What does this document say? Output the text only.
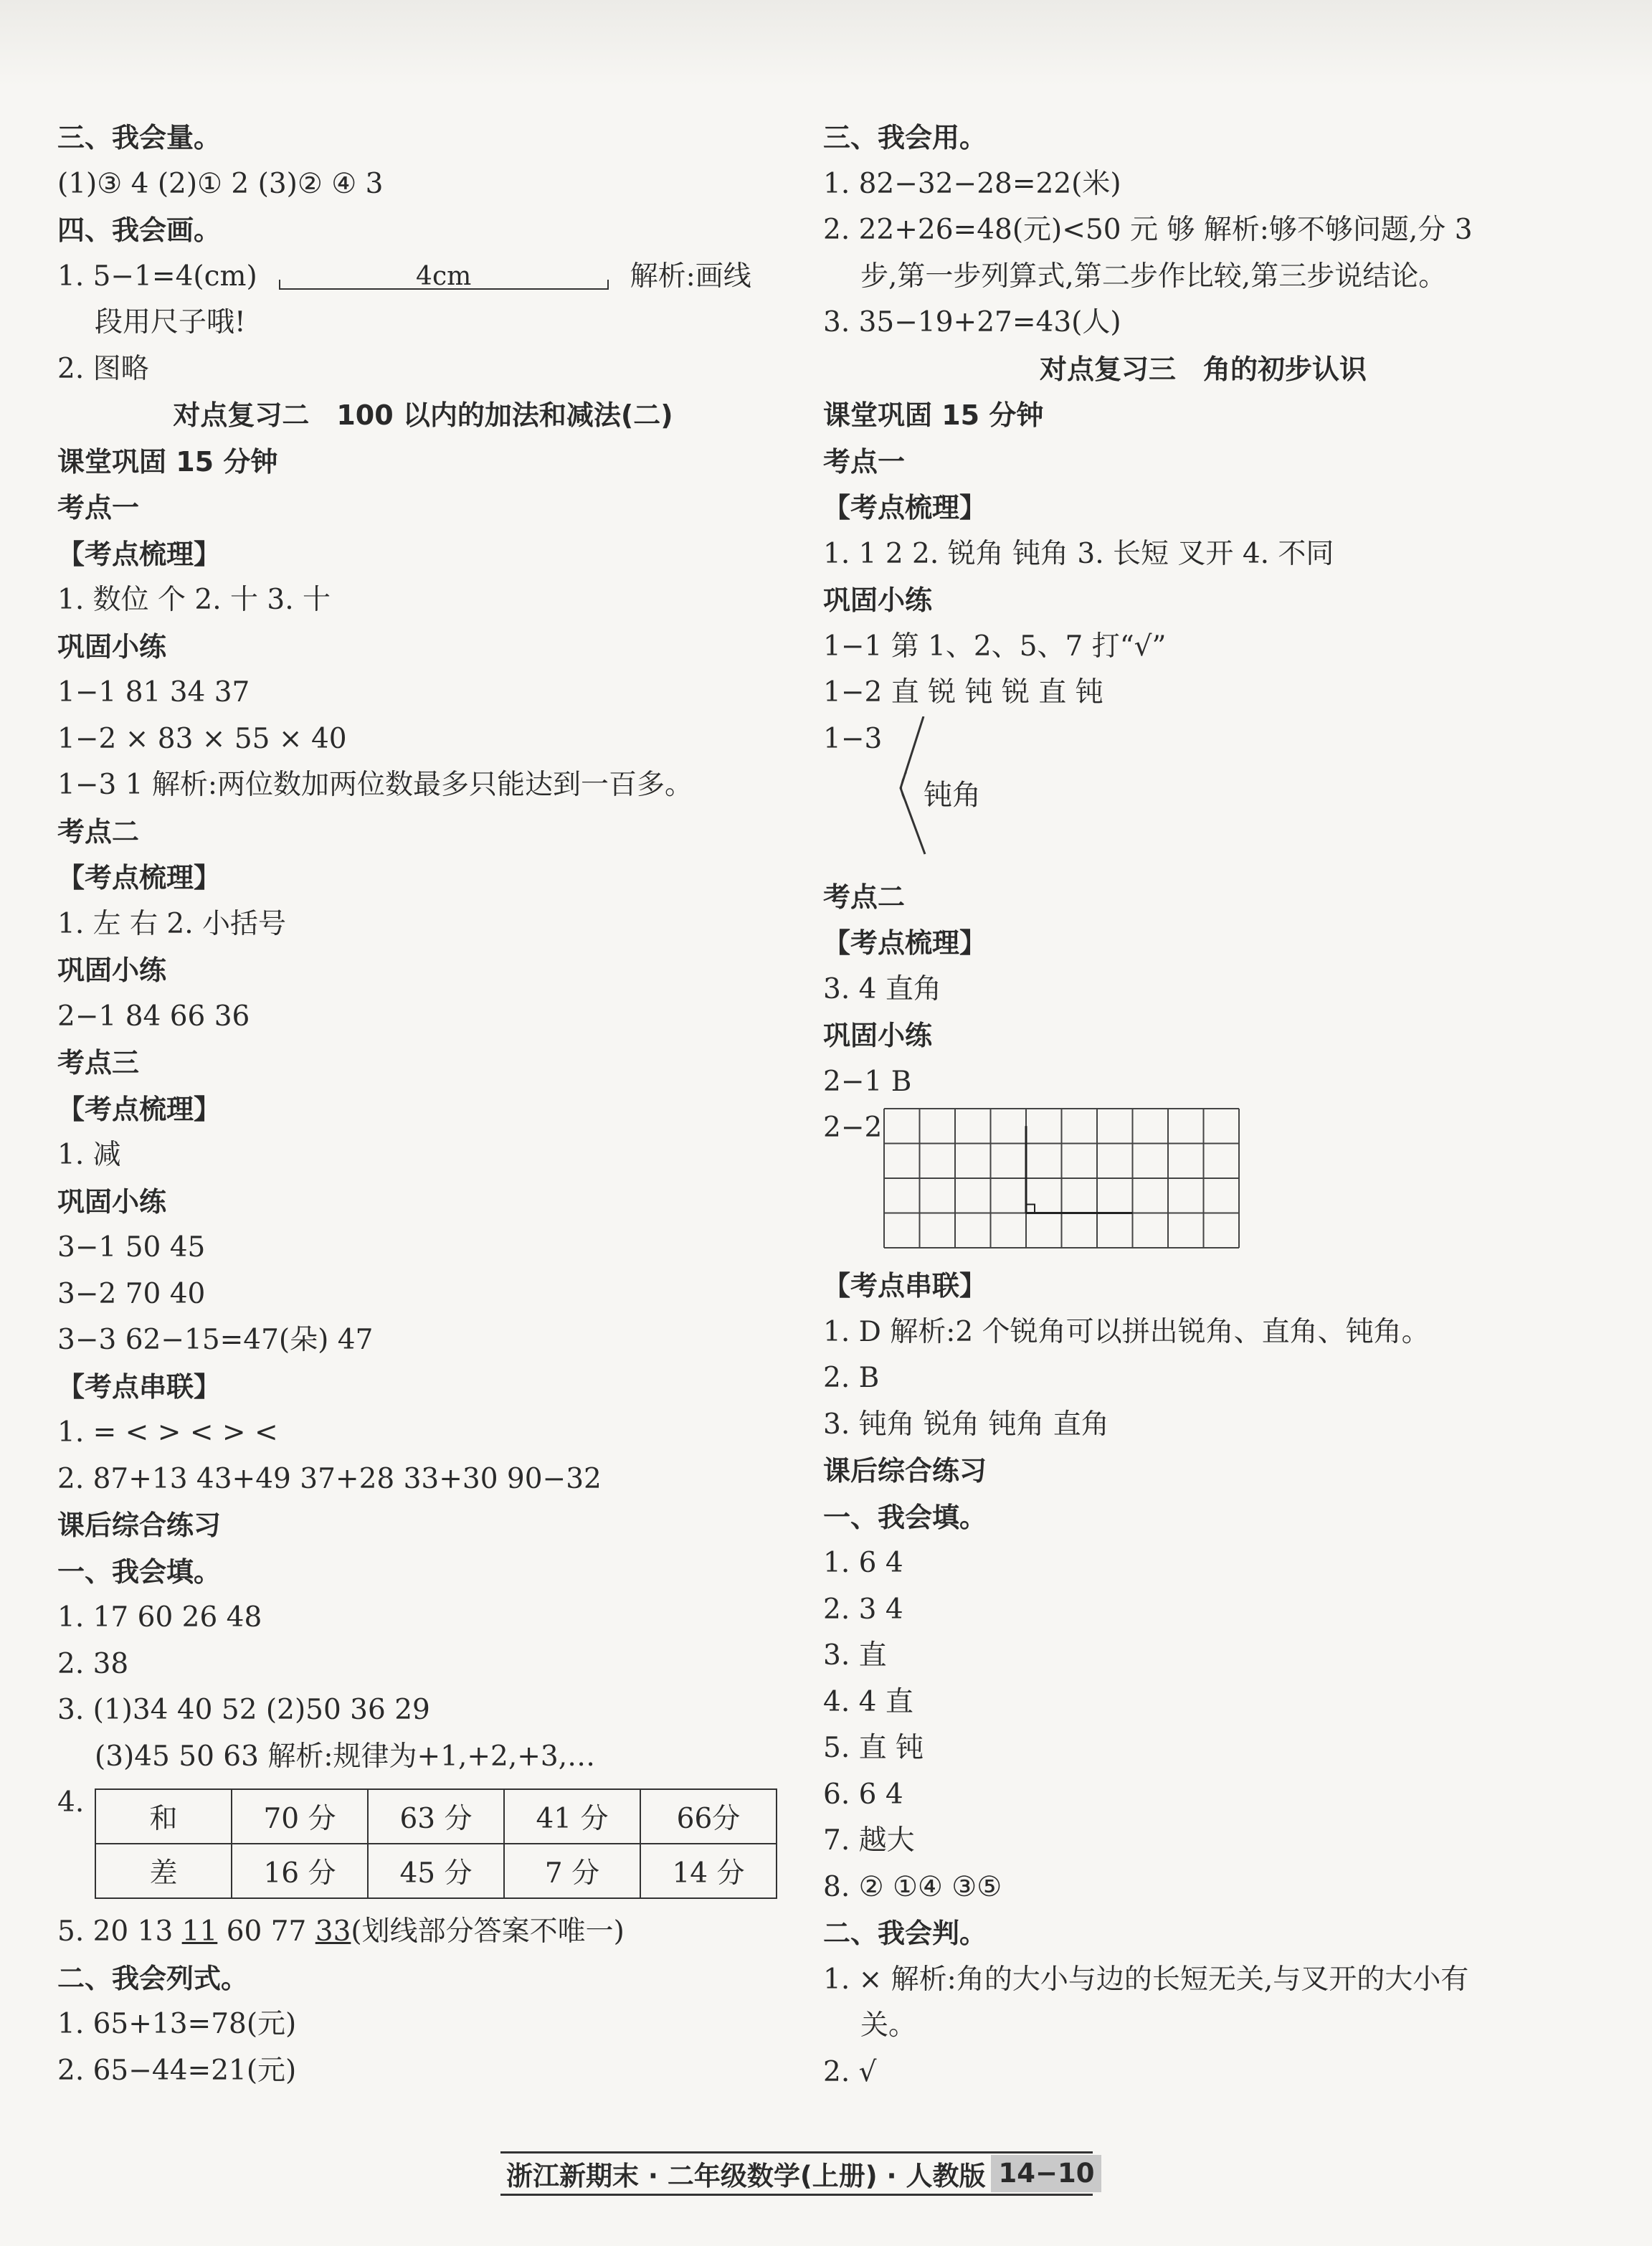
三、我会量。
(1)③ 4 (2)① 2 (3)② ④ 3
四、我会画。
1. 5−1=4(cm)	4cm	解析:画线
段用尺子哦!
2. 图略
对点复习二　100 以内的加法和减法(二)
课堂巩固 15 分钟
考点一
【考点梳理】
1. 数位 个 2. 十 3. 十
巩固小练
1−1 81 34 37
1−2 × 83 × 55 × 40
1−3 1 解析:两位数加两位数最多只能达到一百多。
考点二
【考点梳理】
1. 左 右 2. 小括号
巩固小练
2−1 84 66 36
考点三
【考点梳理】
1. 减
巩固小练
3−1 50 45
3−2 70 40
3−3 62−15=47(朵) 47
【考点串联】
1. = < > < > <
2. 87+13 43+49 37+28 33+30 90−32
课后综合练习
一、我会填。
1. 17 60 26 48
2. 38
3. (1)34 40 52 (2)50 36 29
(3)45 50 63 解析:规律为+1,+2,+3,…
4.
和	70 分	63 分	41 分	66分
差	16 分	45 分	7 分	14 分
5. 20 13 11 60 77 33(划线部分答案不唯一)
二、我会列式。
1. 65+13=78(元)
2. 65−44=21(元)
三、我会用。
1. 82−32−28=22(米)
2. 22+26=48(元)<50 元 够 解析:够不够问题,分 3
步,第一步列算式,第二步作比较,第三步说结论。
3. 35−19+27=43(人)
对点复习三　角的初步认识
课堂巩固 15 分钟
考点一
【考点梳理】
1. 1 2 2. 锐角 钝角 3. 长短 叉开 4. 不同
巩固小练
1−1 第 1、2、5、7 打“√”
1−2 直 锐 钝 锐 直 钝
1−3
钝角
考点二
【考点梳理】
3. 4 直角
巩固小练
2−1 B
2−2
【考点串联】
1. D 解析:2 个锐角可以拼出锐角、直角、钝角。
2. B
3. 钝角 锐角 钝角 直角
课后综合练习
一、我会填。
1. 6 4
2. 3 4
3. 直
4. 4 直
5. 直 钝
6. 6 4
7. 越大
8. ② ①④ ③⑤
二、我会判。
1. × 解析:角的大小与边的长短无关,与叉开的大小有
关。
2. √
浙江新期末 · 二年级数学(上册) · 人教版 14−10
